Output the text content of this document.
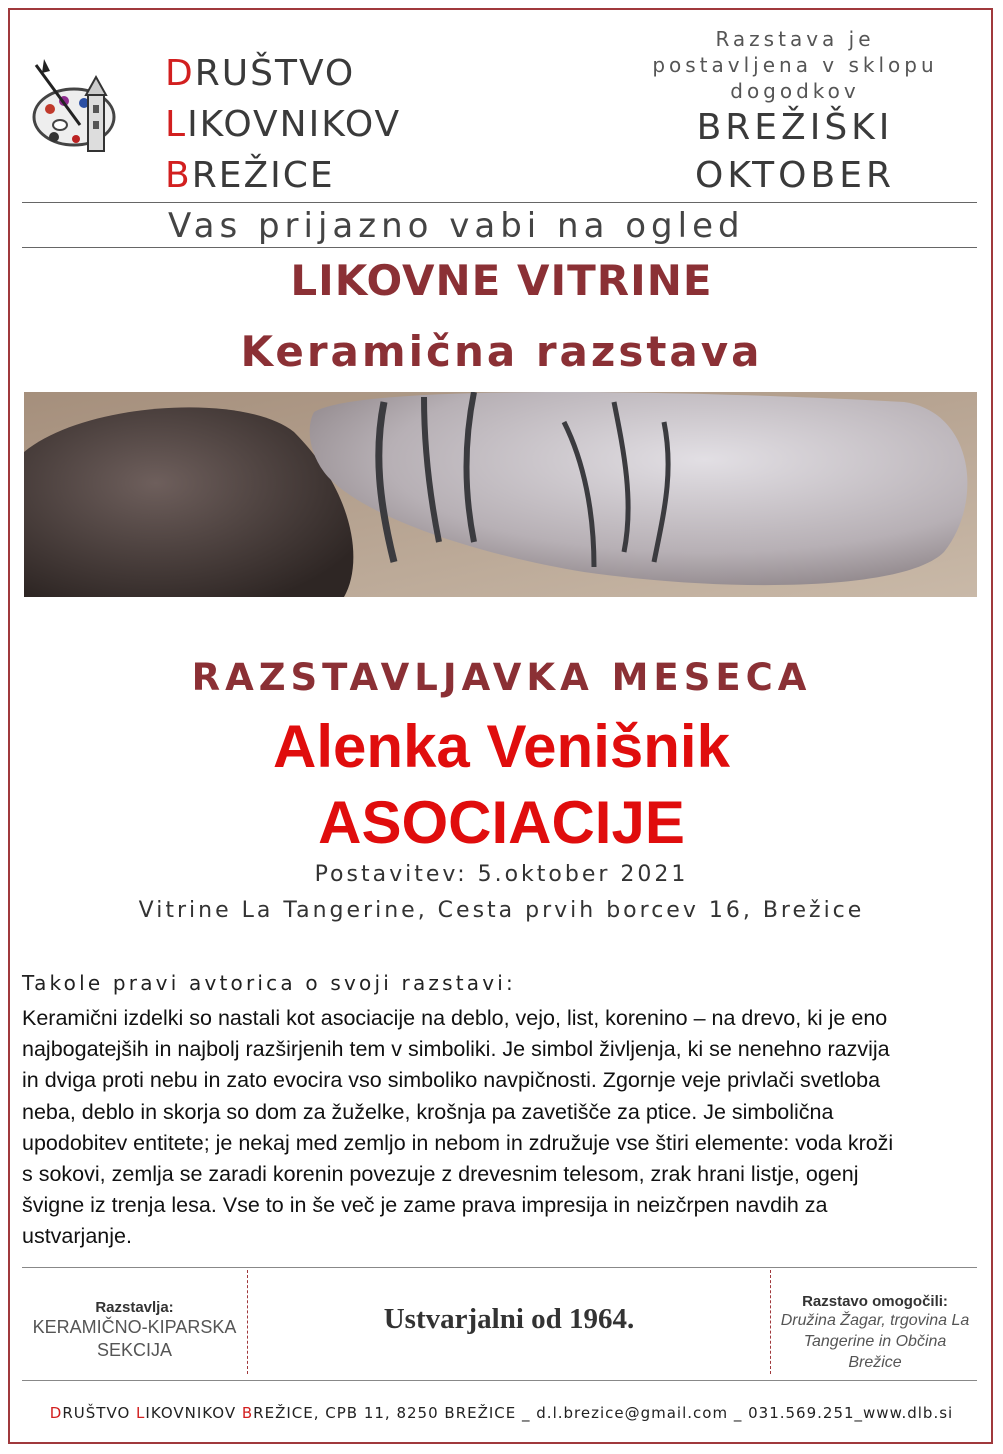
DRUŠTVO
LIKOVNIKOV
BREŽICE
Razstava je
postavljena v sklopu
dogodkov
BREŽIŠKI
OKTOBER
Vas prijazno vabi na ogled
LIKOVNE VITRINE
Keramična razstava
RAZSTAVLJAVKA MESECA
Alenka Venišnik
ASOCIACIJE
Postavitev: 5.oktober 2021
Vitrine La Tangerine, Cesta prvih borcev 16, Brežice
Takole pravi avtorica o svoji razstavi:
Keramični izdelki so nastali kot asociacije na deblo, vejo, list, korenino – na drevo, ki je eno
najbogatejših in najbolj razširjenih tem v simboliki. Je simbol življenja, ki se nenehno razvija
in dviga proti nebu in zato evocira vso simboliko navpičnosti. Zgornje veje privlači svetloba
neba, deblo in skorja so dom za žuželke, krošnja pa zavetišče za ptice. Je simbolična
upodobitev entitete; je nekaj med zemljo in nebom in združuje vse štiri elemente: voda kroži
s sokovi, zemlja se zaradi korenin povezuje z drevesnim telesom, zrak hrani listje, ogenj
švigne iz trenja lesa. Vse to in še več je zame prava impresija in neizčrpen navdih za
ustvarjanje.
Razstavlja:
KERAMIČNO-KIPARSKA
SEKCIJA
Ustvarjalni od 1964.
Razstavo omogočili:
Družina Žagar, trgovina La
Tangerine in Občina
Brežice
DRUŠTVO LIKOVNIKOV BREŽICE, CPB 11, 8250 BREŽICE _ d.l.brezice@gmail.com _ 031.569.251_www.dlb.si
